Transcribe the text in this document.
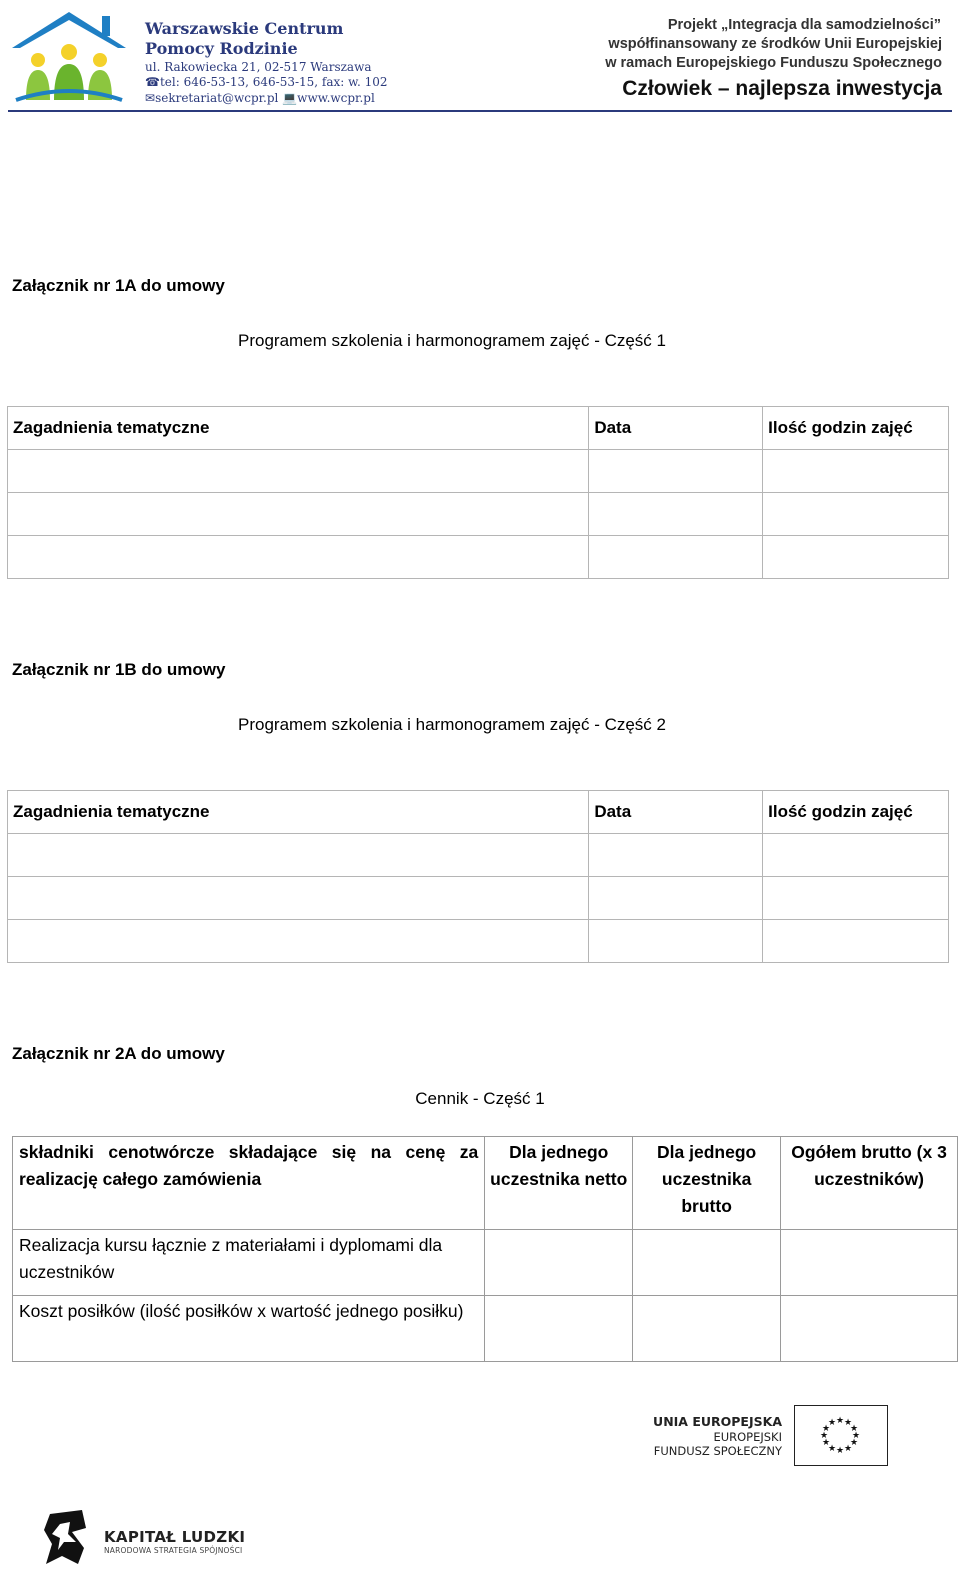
Warszawskie Centrum
Pomocy Rodzinie
ul. Rakowiecka 21, 02-517 Warszawa
☎tel: 646-53-13, 646-53-15, fax: w. 102
✉sekretariat@wcpr.pl 💻www.wcpr.pl
Projekt „Integracja dla samodzielności”
współfinansowany ze środków Unii Europejskiej
w ramach Europejskiego Funduszu Społecznego
Człowiek – najlepsza inwestycja
Załącznik nr 1A do umowy
Programem szkolenia i harmonogramem zajęć - Część 1
Zagadnienia tematyczne	Data	Ilość godzin zajęć

Załącznik nr 1B do umowy
Programem szkolenia i harmonogramem zajęć - Część 2
Zagadnienia tematyczne	Data	Ilość godzin zajęć

Załącznik nr 2A do umowy
Cennik - Część 1
składniki cenotwórcze składające się na cenę za realizację całego zamówienia	Dla jednego uczestnika netto	Dla jednego uczestnika brutto	Ogółem brutto (x 3 uczestników)
Realizacja kursu łącznie z materiałami i dyplomami dla uczestników			
Koszt posiłków (ilość posiłków x wartość jednego posiłku)			
UNIA EUROPEJSKA
EUROPEJSKI
FUNDUSZ SPOŁECZNY
★ ★
★
★
★
★
★
★
★
★
★
★
KAPITAŁ LUDZKI
NARODOWA STRATEGIA SPÓJNOŚCI
